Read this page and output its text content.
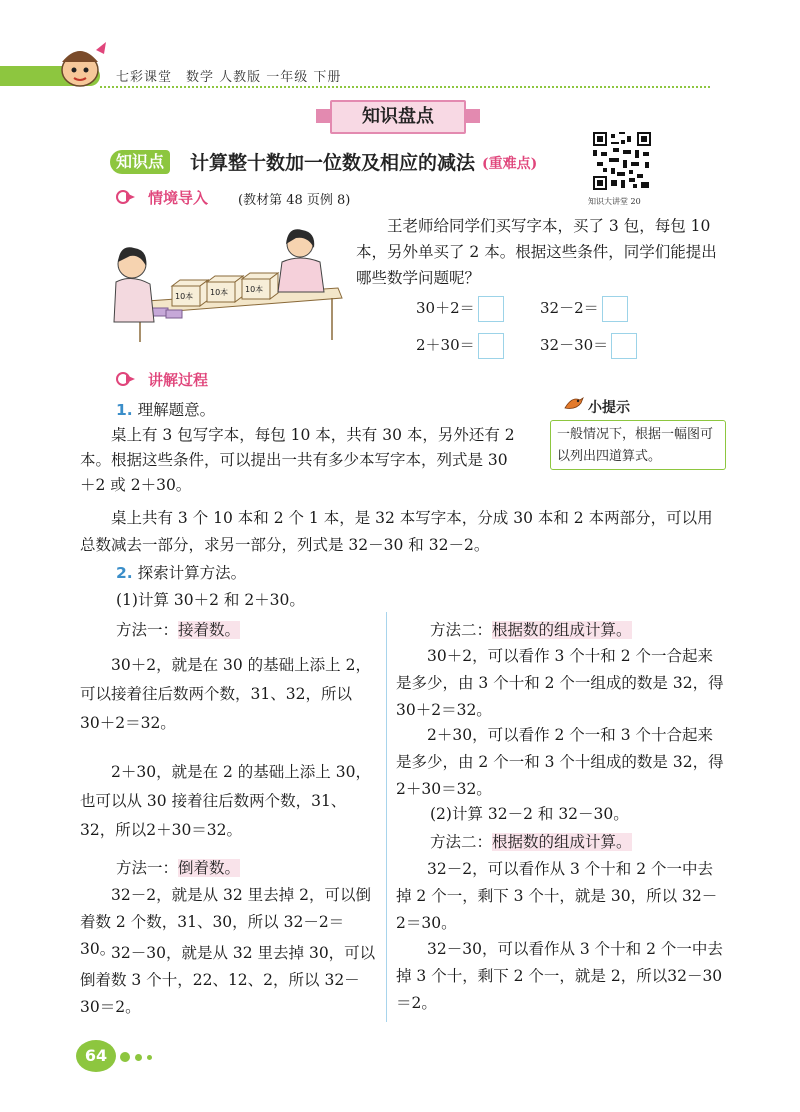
七彩课堂　数学 人教版 一年级 下册
知识盘点
知识点	计算整十数加一位数及相应的减法 (重难点)
知识大讲堂 20
情境导入 (教材第 48 页例 8)
10本 10本 10本
王老师给同学们买写字本，买了 3 包，每包 10 本，另外单买了 2 本。根据这些条件，同学们能提出哪些数学问题呢？
30＋2＝	32－2＝
2＋30＝	32－30＝
讲解过程
1. 理解题意。
桌上有 3 包写字本，每包 10 本，共有 30 本，另外还有 2 本。根据这些条件，可以提出一共有多少本写字本，列式是 30＋2 或 2＋30。
小提示
一般情况下，根据一幅图可以列出四道算式。
桌上共有 3 个 10 本和 2 个 1 本，是 32 本写字本，分成 30 本和 2 本两部分，可以用总数减去一部分，求另一部分，列式是 32－30 和 32－2。
2. 探索计算方法。
(1)计算 30＋2 和 2＋30。
方法一：接着数。
30＋2，就是在 30 的基础上添上 2，可以接着往后数两个数，31、32，所以 30＋2＝32。
2＋30，就是在 2 的基础上添上 30，也可以从 30 接着往后数两个数，31、32，所以2＋30＝32。
方法一：倒着数。
32－2，就是从 32 里去掉 2，可以倒着数 2 个数，31、30，所以 32－2＝30。
32－30，就是从 32 里去掉 30，可以倒着数 3 个十，22、12、2，所以 32－30＝2。
方法二：根据数的组成计算。
30＋2，可以看作 3 个十和 2 个一合起来是多少，由 3 个十和 2 个一组成的数是 32，得 30＋2＝32。
2＋30，可以看作 2 个一和 3 个十合起来是多少，由 2 个一和 3 个十组成的数是 32，得 2＋30＝32。
(2)计算 32－2 和 32－30。
方法二：根据数的组成计算。
32－2，可以看作从 3 个十和 2 个一中去掉 2 个一，剩下 3 个十，就是 30，所以 32－2＝30。
32－30，可以看作从 3 个十和 2 个一中去掉 3 个十，剩下 2 个一，就是 2，所以32－30＝2。
64
